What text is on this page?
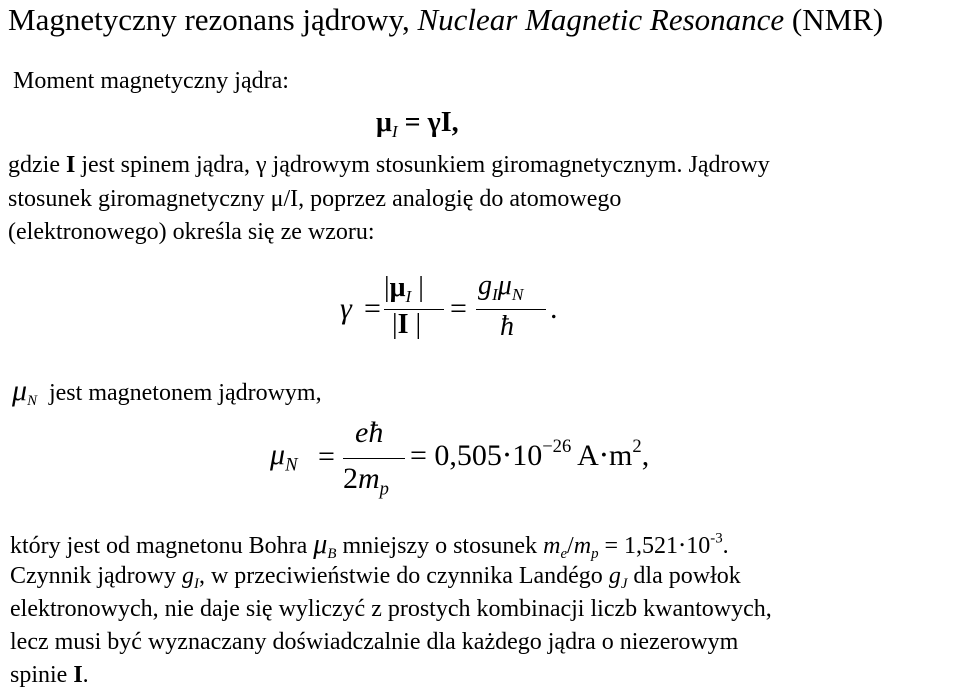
Magnetyczny rezonans jądrowy, Nuclear Magnetic Resonance (NMR)
Moment magnetyczny jądra:
$\mu_I = \gamma I$,
gdzie I jest spinem jądra, γ jądrowym stosunkiem giromagnetycznym. Jądrowy
stosunek giromagnetyczny μ/I, poprzez analogię do atomowego
(elektronowego) określa się ze wzoru:
γ =
$|\mu_I$ |
|I | =
$g_I\mu_N$
ħ
.
$\mu_N$ jest magnetonem jądrowym,
$\mu_N$ =
eħ
$2m_p$
= $0,505\cdot 10^{-26}$ $A\cdot m^2$,
który jest od magnetonu Bohra $\mu_B$ mniejszy o stosunek $m_e/m_p = 1,521\cdot 10^{-3}$.
Czynnik jądrowy $g_I$, w przeciwieństwie do czynnika Landégo $g_J$ dla powłok
elektronowych, nie daje się wyliczyć z prostych kombinacji liczb kwantowych,
lecz musi być wyznaczany doświadczalnie dla każdego jądra o niezerowym
spinie I.
